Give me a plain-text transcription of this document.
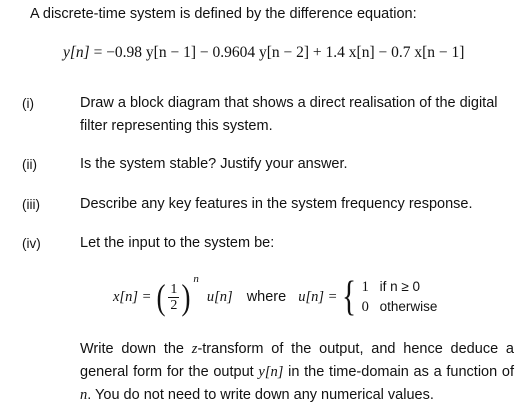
A discrete-time system is defined by the difference equation:
y[n] = −0.98 y[n − 1] − 0.9604 y[n − 2] + 1.4 x[n] − 0.7 x[n − 1]
(i)	Draw a block diagram that shows a direct realisation of the digital filter representing this system.
(ii)	Is the system stable? Justify your answer.
(iii)	Describe any key features in the system frequency response.
(iv)	Let the input to the system be:
x[n] = ( $\frac{1}{2}$ ) n
u[n] where u[n] = { 1 if n ≥ 0
0 otherwise
Write down the z-transform of the output, and hence deduce a general form for the output y[n] in the time-domain as a function of n. You do not need to write down any numerical values.
